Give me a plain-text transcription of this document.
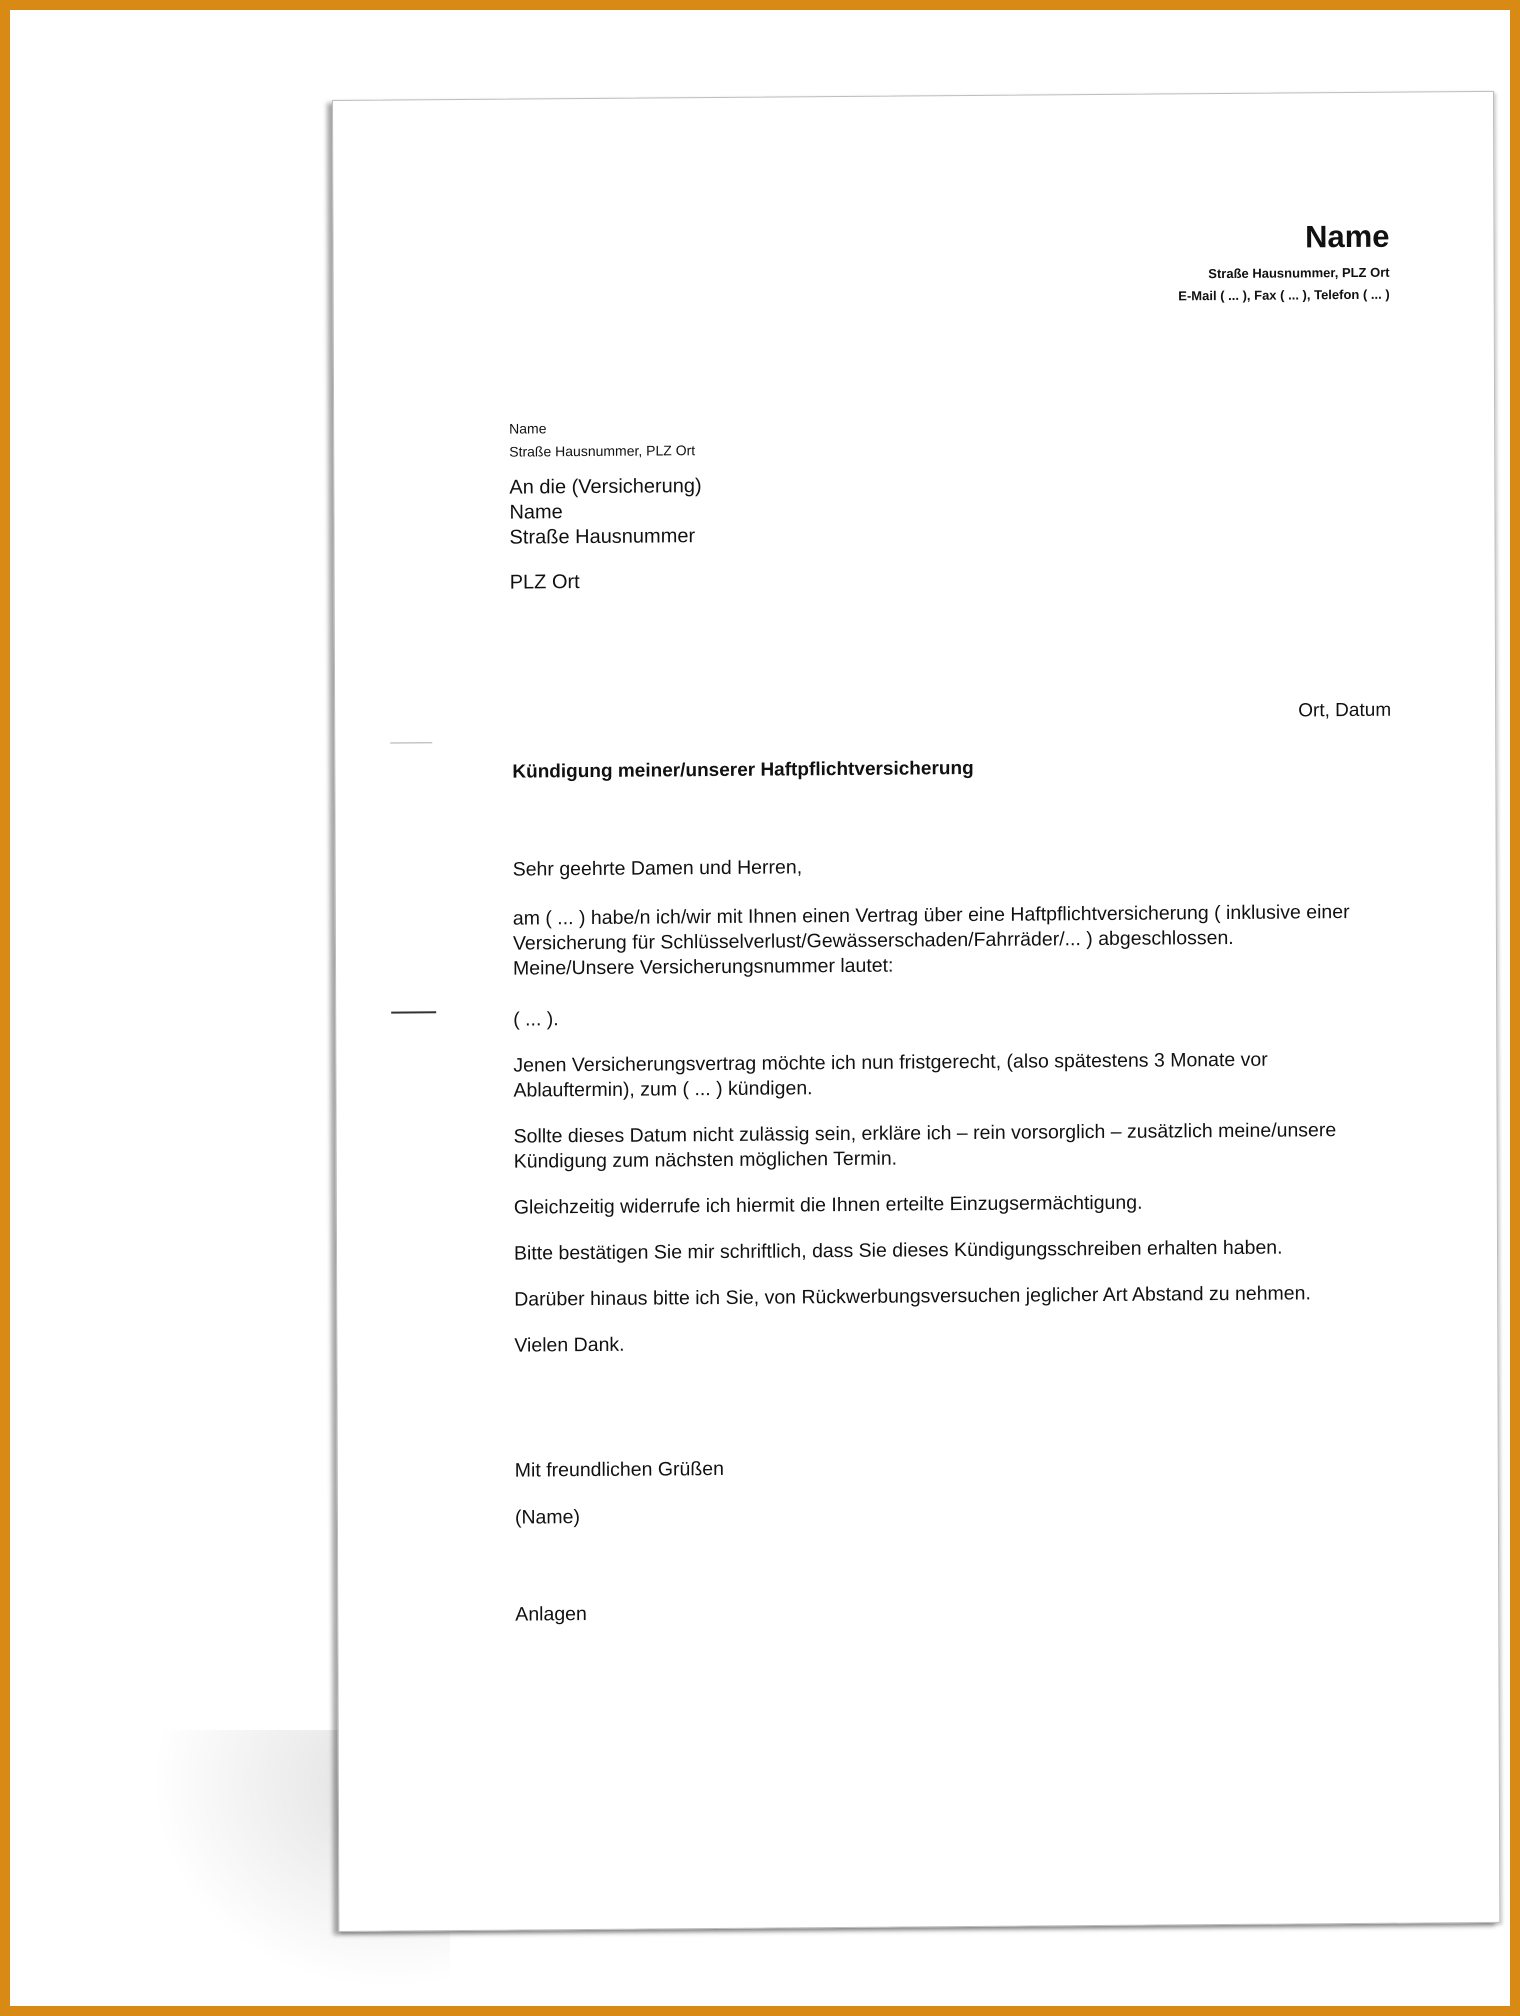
Name
Straße Hausnummer, PLZ Ort
E-Mail ( ... ), Fax ( ... ), Telefon ( ... )
Name
Straße Hausnummer, PLZ Ort
An die (Versicherung)
Name
Straße Hausnummer
PLZ Ort
Ort, Datum
Kündigung meiner/unserer Haftpflichtversicherung

Sehr geehrte Damen und Herren,

am ( ... ) habe/n ich/wir mit Ihnen einen Vertrag über eine Haftpflichtversicherung ( inklusive einer Versicherung für Schlüsselverlust/Gewässerschaden/Fahrräder/... ) abgeschlossen.

Meine/Unsere Versicherungsnummer lautet:

( ... ).

Jenen Versicherungsvertrag möchte ich nun fristgerecht, (also spätestens 3 Monate vor Ablauftermin), zum ( ... ) kündigen.

Sollte dieses Datum nicht zulässig sein, erkläre ich – rein vorsorglich – zusätzlich meine/unsere Kündigung zum nächsten möglichen Termin.

Gleichzeitig widerrufe ich hiermit die Ihnen erteilte Einzugsermächtigung.

Bitte bestätigen Sie mir schriftlich, dass Sie dieses Kündigungsschreiben erhalten haben.

Darüber hinaus bitte ich Sie, von Rückwerbungsversuchen jeglicher Art Abstand zu nehmen.

Vielen Dank.

Mit freundlichen Grüßen

(Name)

Anlagen
